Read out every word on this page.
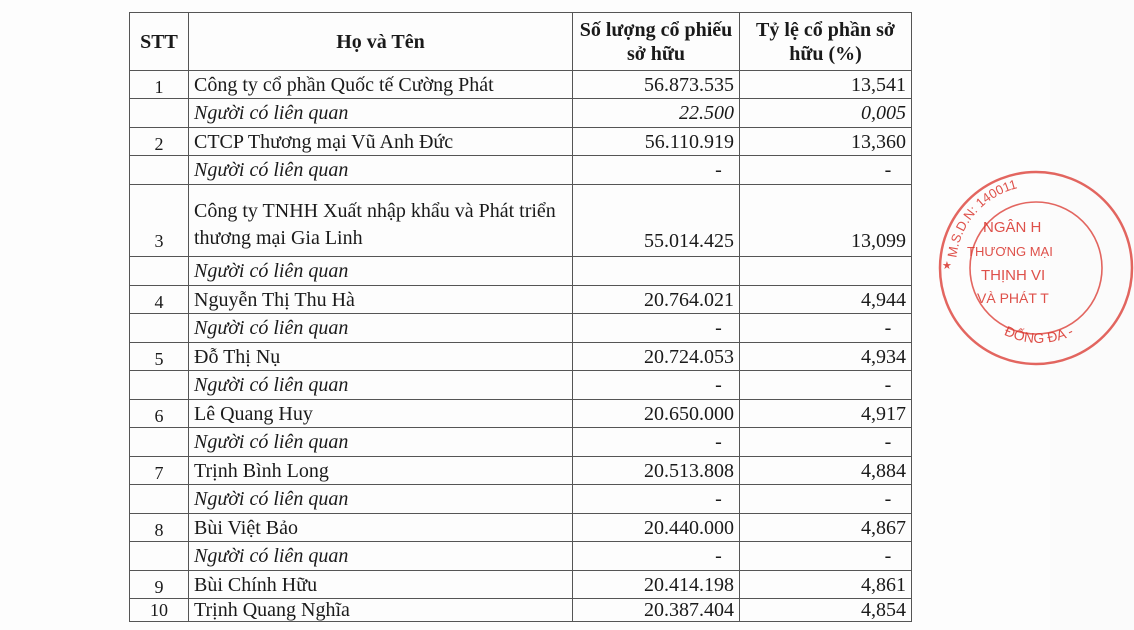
STT	Họ và Tên	Số lượng cổ phiếu sở hữu	Tỷ lệ cổ phần sở hữu (%)
1	Công ty cổ phần Quốc tế Cường Phát	56.873.535	13,541
	Người có liên quan	22.500	0,005
2	CTCP Thương mại Vũ Anh Đức	56.110.919	13,360
	Người có liên quan	-	-
3	Công ty TNHH Xuất nhập khẩu và Phát triển thương mại Gia Linh	55.014.425	13,099
	Người có liên quan		
4	Nguyễn Thị Thu Hà	20.764.021	4,944
	Người có liên quan	-	-
5	Đỗ Thị Nụ	20.724.053	4,934
	Người có liên quan	-	-
6	Lê Quang Huy	20.650.000	4,917
	Người có liên quan	-	-
7	Trịnh Bình Long	20.513.808	4,884
	Người có liên quan	-	-
8	Bùi Việt Bảo	20.440.000	4,867
	Người có liên quan	-	-
9	Bùi Chính Hữu	20.414.198	4,861
10	Trịnh Quang Nghĩa	20.387.404	4,854
M.S.D.N: 140011
ĐỐNG ĐA -
★
NGÂN H
THƯƠNG MẠI
THỊNH VI
VÀ PHÁT T
